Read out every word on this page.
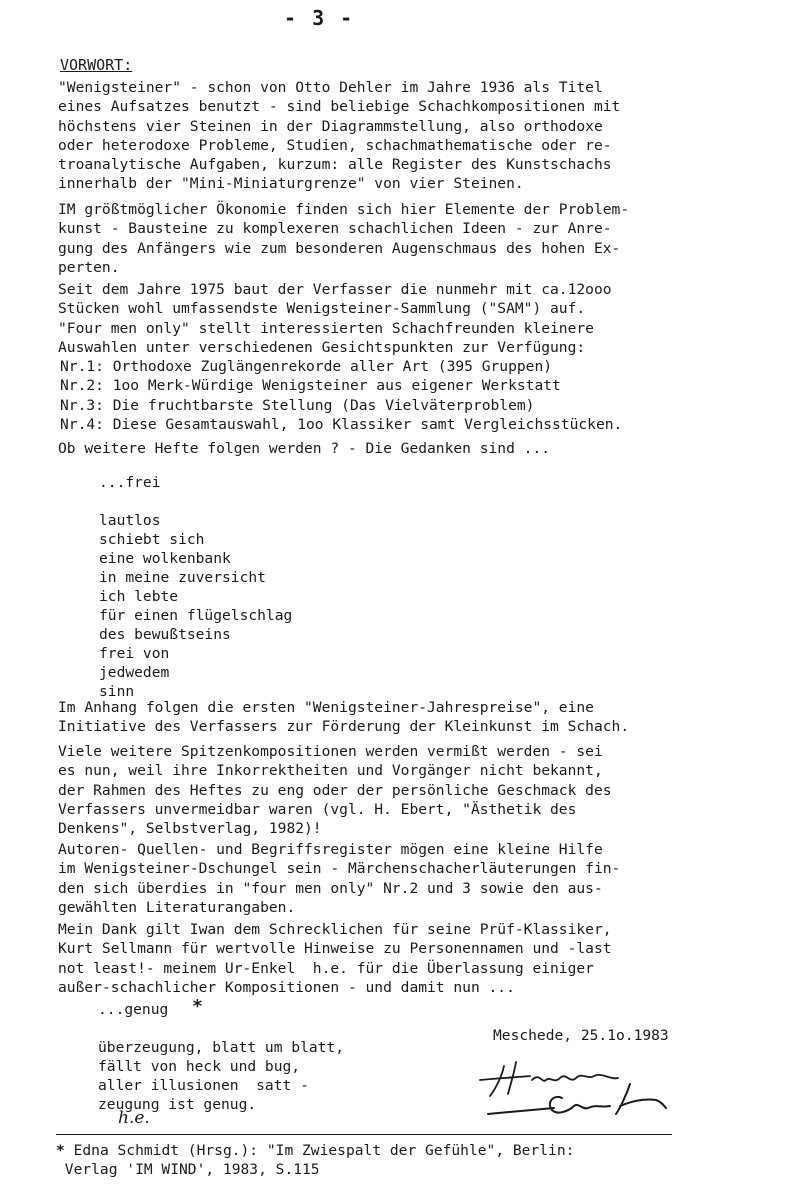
- 3 -
VORWORT:
"Wenigsteiner" - schon von Otto Dehler im Jahre 1936 als Titel
eines Aufsatzes benutzt - sind beliebige Schachkompositionen mit
höchstens vier Steinen in der Diagrammstellung, also orthodoxe
oder heterodoxe Probleme, Studien, schachmathematische oder re-
troanalytische Aufgaben, kurzum: alle Register des Kunstschachs
innerhalb der "Mini-Miniaturgrenze" von vier Steinen.
IM größtmöglicher Ökonomie finden sich hier Elemente der Problem-
kunst - Bausteine zu komplexeren schachlichen Ideen - zur Anre-
gung des Anfängers wie zum besonderen Augenschmaus des hohen Ex-
perten.
Seit dem Jahre 1975 baut der Verfasser die nunmehr mit ca.12ooo
Stücken wohl umfassendste Wenigsteiner-Sammlung ("SAM") auf.
"Four men only" stellt interessierten Schachfreunden kleinere
Auswahlen unter verschiedenen Gesichtspunkten zur Verfügung:
Nr.1: Orthodoxe Zuglängenrekorde aller Art (395 Gruppen)
Nr.2: 1oo Merk-Würdige Wenigsteiner aus eigener Werkstatt
Nr.3: Die fruchtbarste Stellung (Das Vielväterproblem)
Nr.4: Diese Gesamtauswahl, 1oo Klassiker samt Vergleichsstücken.
Ob weitere Hefte folgen werden ? - Die Gedanken sind ...
...frei

lautlos
schiebt sich
eine wolkenbank
in meine zuversicht
ich lebte
für einen flügelschlag
des bewußtseins
frei von
jedwedem
sinn
Im Anhang folgen die ersten "Wenigsteiner-Jahrespreise", eine
Initiative des Verfassers zur Förderung der Kleinkunst im Schach.
Viele weitere Spitzenkompositionen werden vermißt werden - sei
es nun, weil ihre Inkorrektheiten und Vorgänger nicht bekannt,
der Rahmen des Heftes zu eng oder der persönliche Geschmack des
Verfassers unvermeidbar waren (vgl. H. Ebert, "Ästhetik des
Denkens", Selbstverlag, 1982)!
Autoren- Quellen- und Begriffsregister mögen eine kleine Hilfe
im Wenigsteiner-Dschungel sein - Märchenschacherläuterungen fin-
den sich überdies in "four men only" Nr.2 und 3 sowie den aus-
gewählten Literaturangaben.
Mein Dank gilt Iwan dem Schrecklichen für seine Prüf-Klassiker,
Kurt Sellmann für wertvolle Hinweise zu Personennamen und -last
not least!- meinem Ur-Enkel  h.e. für die Überlassung einiger
außer-schachlicher Kompositionen - und damit nun ...
...genug

überzeugung, blatt um blatt,
fällt von heck und bug,
aller illusionen  satt -
zeugung ist genug.
*
h.e.
Meschede, 25.1o.1983
* Edna Schmidt (Hrsg.): "Im Zwiespalt der Gefühle", Berlin:
Verlag 'IM WIND', 1983, S.115
